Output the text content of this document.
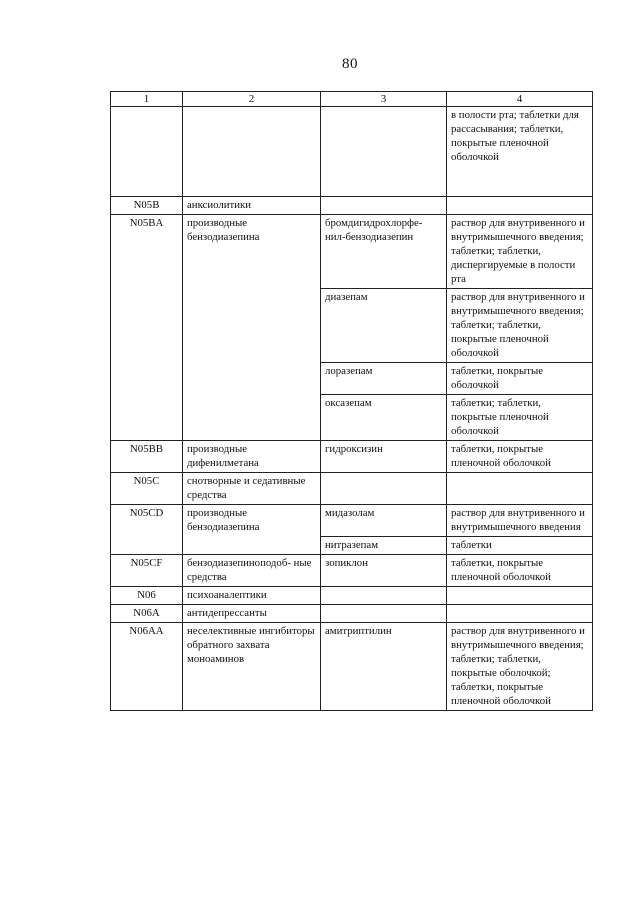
80
1	2	3	4
			в полости рта; таблетки для рассасывания; таблетки, покрытые пленочной оболочкой
N05B	анксиолитики		
N05BA	производные бензодиазепина	бромдигидрохлорфе- нил-бензодиазепин	раствор для внутривенного и внутримышечного введения; таблетки; таблетки, диспергируемые в полости рта
		диазепам	раствор для внутривенного и внутримышечного введения; таблетки; таблетки, покрытые пленочной оболочкой
		лоразепам	таблетки, покрытые оболочкой
		оксазепам	таблетки; таблетки, покрытые пленочной оболочкой
N05BB	производные дифенилметана	гидроксизин	таблетки, покрытые пленочной оболочкой
N05C	снотворные и седативные средства		
N05CD	производные бензодиазепина	мидазолам	раствор для внутривенного и внутримышечного введения
		нитразепам	таблетки
N05CF	бензодиазепиноподоб- ные средства	зопиклон	таблетки, покрытые пленочной оболочкой
N06	психоаналептики		
N06A	антидепрессанты		
N06AA	неселективные ингибиторы обратного захвата моноаминов	амитриптилин	раствор для внутривенного и внутримышечного введения; таблетки; таблетки, покрытые оболочкой; таблетки, покрытые пленочной оболочкой
